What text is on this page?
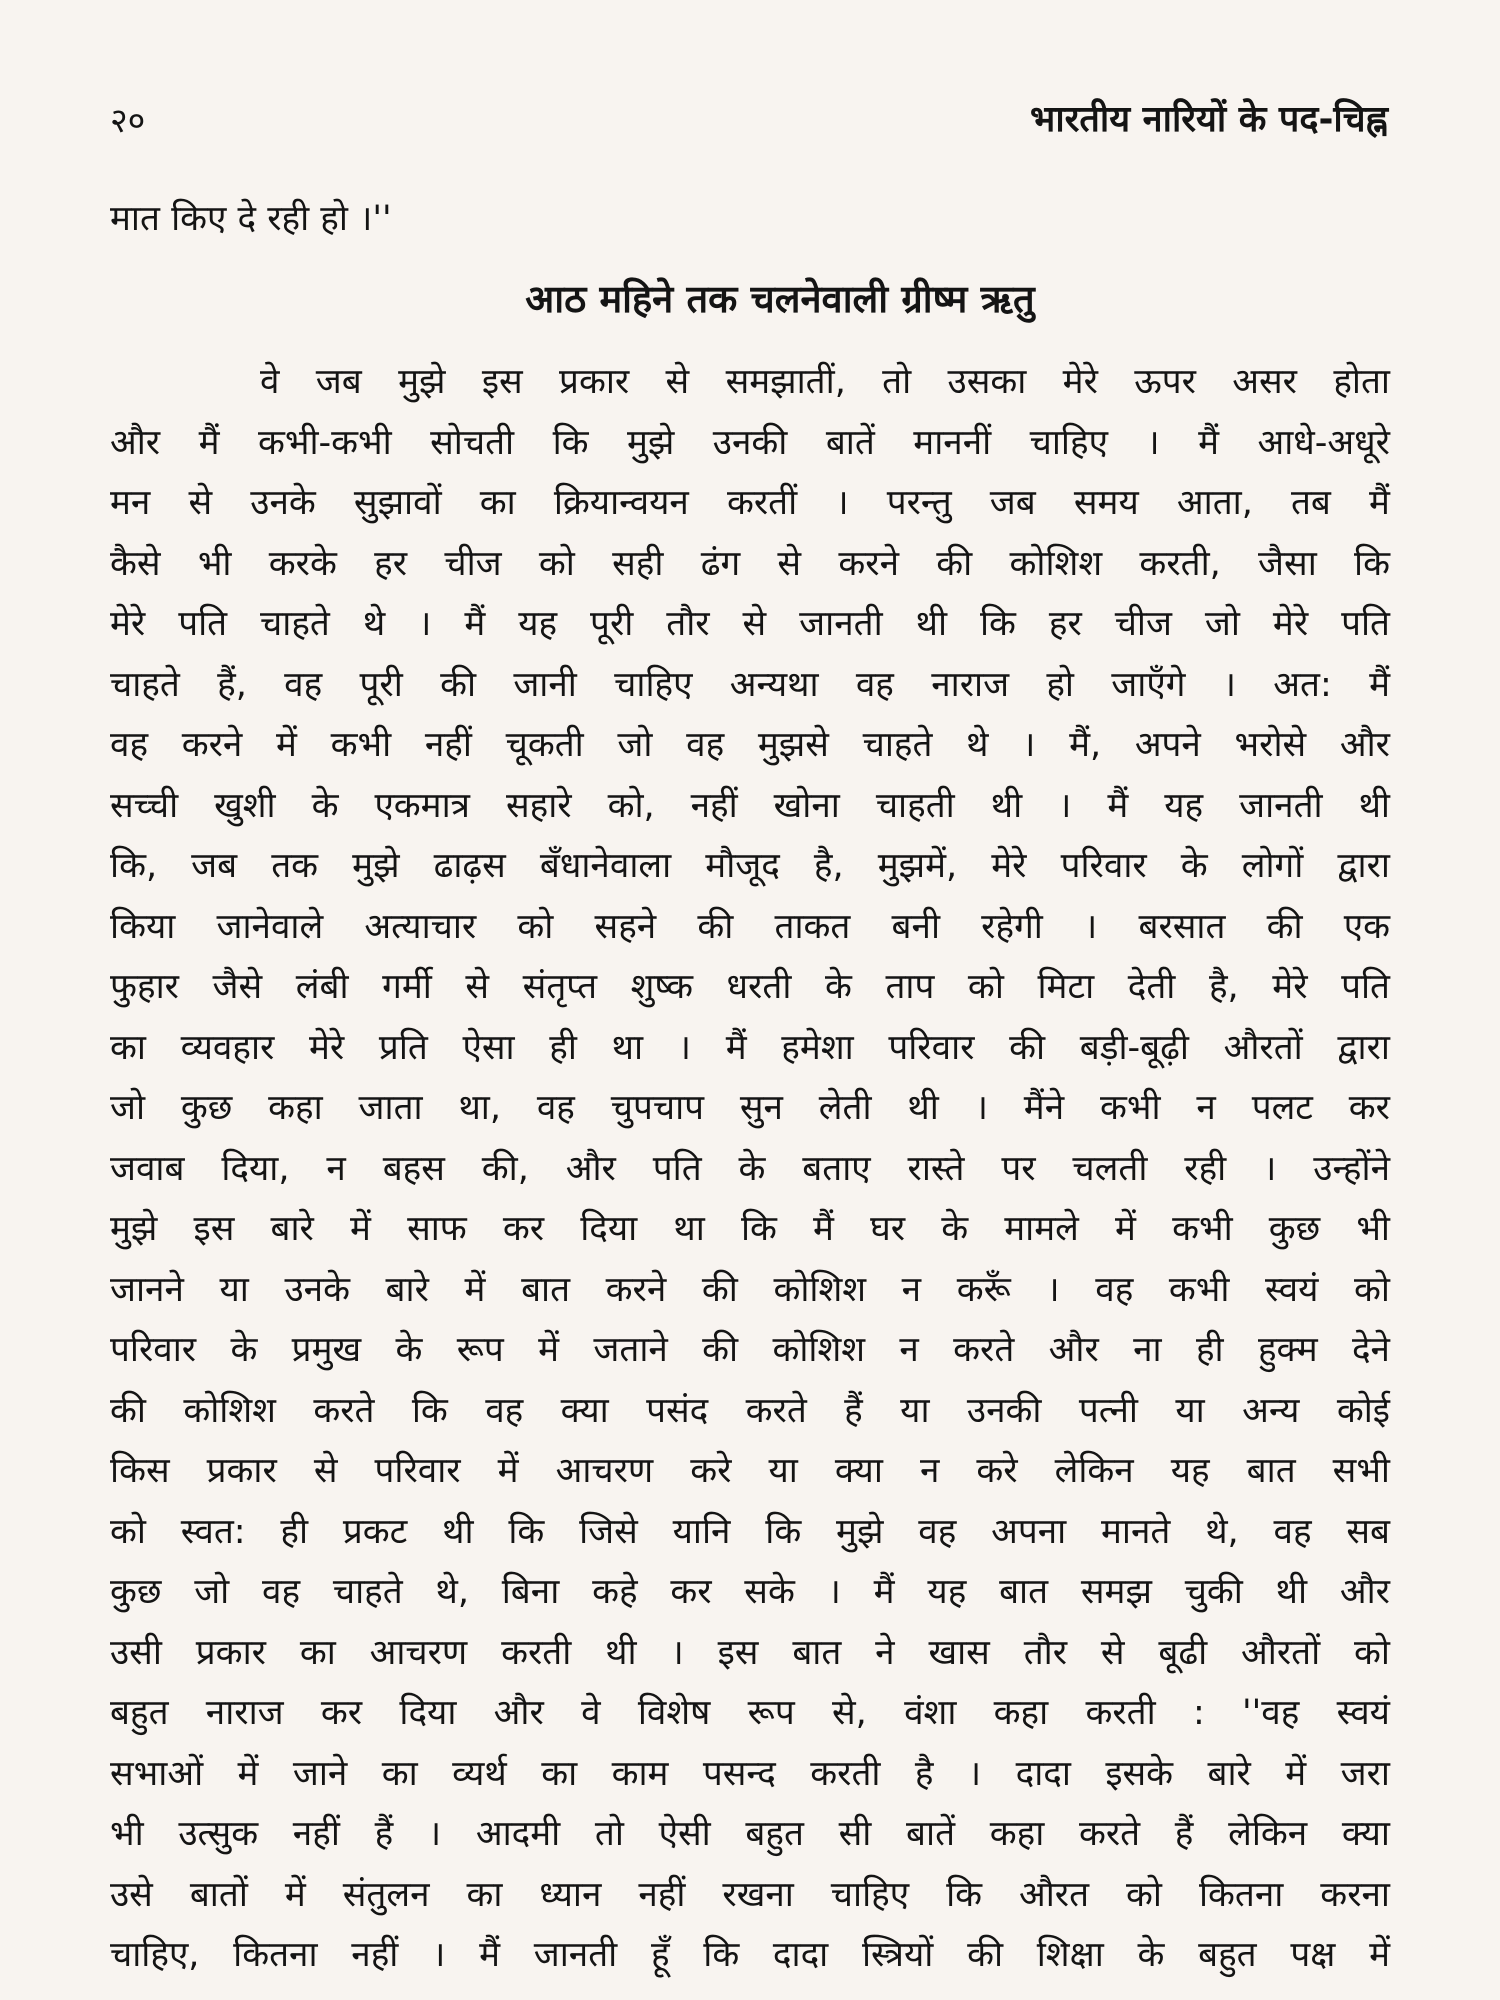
२०	भारतीय नारियों के पद-चिह्न
मात किए दे रही हो ।''
आठ महिने तक चलनेवाली ग्रीष्म ऋतु
वे जब मुझे इस प्रकार से समझातीं, तो उसका मेरे ऊपर असर होता
और मैं कभी-कभी सोचती कि मुझे उनकी बातें माननीं चाहिए । मैं आधे-अधूरे
मन से उनके सुझावों का क्रियान्वयन करतीं । परन्तु जब समय आता, तब मैं
कैसे भी करके हर चीज को सही ढंग से करने की कोशिश करती, जैसा कि
मेरे पति चाहते थे । मैं यह पूरी तौर से जानती थी कि हर चीज जो मेरे पति
चाहते हैं, वह पूरी की जानी चाहिए अन्यथा वह नाराज हो जाएँगे । अत: मैं
वह करने में कभी नहीं चूकती जो वह मुझसे चाहते थे । मैं, अपने भरोसे और
सच्ची खुशी के एकमात्र सहारे को, नहीं खोना चाहती थी । मैं यह जानती थी
कि, जब तक मुझे ढाढ़स बँधानेवाला मौजूद है, मुझमें, मेरे परिवार के लोगों द्वारा
किया जानेवाले अत्याचार को सहने की ताकत बनी रहेगी । बरसात की एक
फुहार जैसे लंबी गर्मी से संतृप्त शुष्क धरती के ताप को मिटा देती है, मेरे पति
का व्यवहार मेरे प्रति ऐसा ही था । मैं हमेशा परिवार की बड़ी-बूढ़ी औरतों द्वारा
जो कुछ कहा जाता था, वह चुपचाप सुन लेती थी । मैंने कभी न पलट कर
जवाब दिया, न बहस की, और पति के बताए रास्ते पर चलती रही । उन्होंने
मुझे इस बारे में साफ कर दिया था कि मैं घर के मामले में कभी कुछ भी
जानने या उनके बारे में बात करने की कोशिश न करूँ । वह कभी स्वयं को
परिवार के प्रमुख के रूप में जताने की कोशिश न करते और ना ही हुक्म देने
की कोशिश करते कि वह क्या पसंद करते हैं या उनकी पत्नी या अन्य कोई
किस प्रकार से परिवार में आचरण करे या क्या न करे लेकिन यह बात सभी
को स्वत: ही प्रकट थी कि जिसे यानि कि मुझे वह अपना मानते थे, वह सब
कुछ जो वह चाहते थे, बिना कहे कर सके । मैं यह बात समझ चुकी थी और
उसी प्रकार का आचरण करती थी । इस बात ने खास तौर से बूढी औरतों को
बहुत नाराज कर दिया और वे विशेष रूप से, वंशा कहा करती : ''वह स्वयं
सभाओं में जाने का व्यर्थ का काम पसन्द करती है । दादा इसके बारे में जरा
भी उत्सुक नहीं हैं । आदमी तो ऐसी बहुत सी बातें कहा करते हैं लेकिन क्या
उसे बातों में संतुलन का ध्यान नहीं रखना चाहिए कि औरत को कितना करना
चाहिए, कितना नहीं । मैं जानती हूँ कि दादा स्त्रियों की शिक्षा के बहुत पक्ष में
